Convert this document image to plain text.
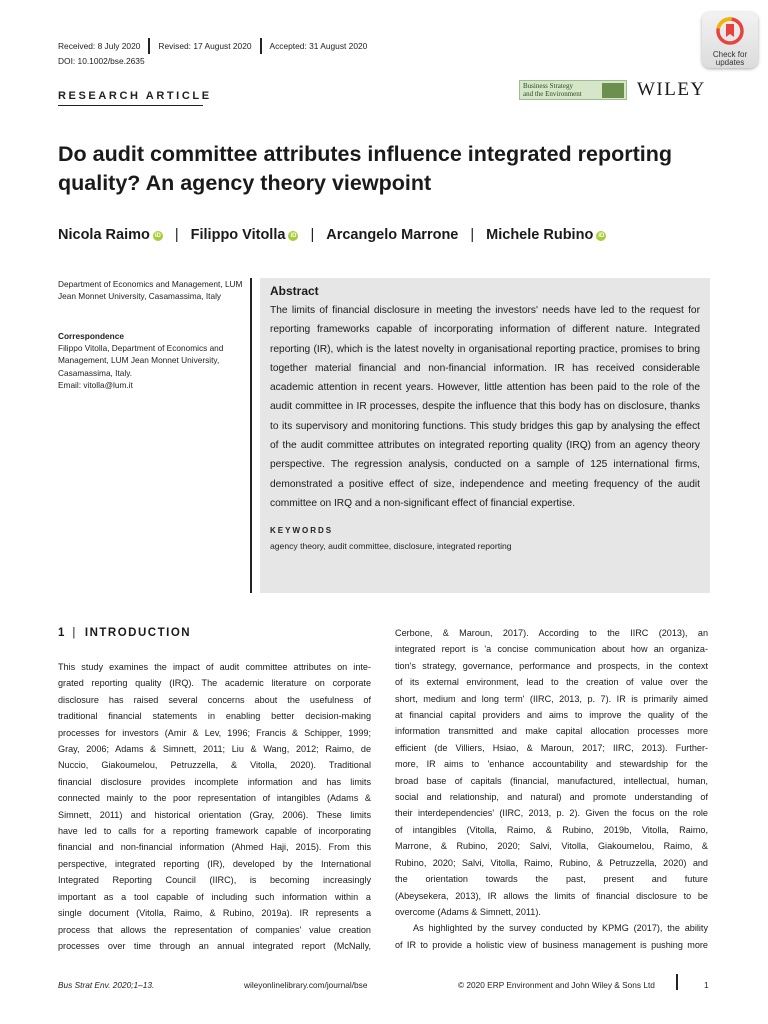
Received: 8 July 2020 Revised: 17 August 2020 Accepted: 31 August 2020
DOI: 10.1002/bse.2635
Check for
updates
RESEARCH ARTICLE
Business Strategy
and the Environment	WILEY
Do audit committee attributes influence integrated reporting quality? An agency theory viewpoint
Nicola Raimo iD | Filippo Vitolla iD | Arcangelo Marrone | Michele Rubino iD
Department of Economics and Management, LUM Jean Monnet University, Casamassima, Italy
Correspondence
Filippo Vitolla, Department of Economics and
Management, LUM Jean Monnet University,
Casamassima, Italy.
Email: vitolla@lum.it
Abstract

The limits of financial disclosure in meeting the investors' needs have led to the request for reporting frameworks capable of incorporating information of different nature. Integrated reporting (IR), which is the latest novelty in organisational reporting practice, promises to bring together material financial and non-financial information. IR has received considerable academic attention in recent years. However, little attention has been paid to the role of the audit committee in IR processes, despite the influence that this body has on disclosure, thanks to its supervisory and monitoring functions. This study bridges this gap by analysing the effect of the audit committee attributes on integrated reporting quality (IRQ) from an agency theory perspective. The regression analysis, conducted on a sample of 125 international firms, demonstrated a positive effect of size, independence and meeting frequency of the audit committee on IRQ and a non-significant effect of financial expertise.

KEYWORDS
agency theory, audit committee, disclosure, integrated reporting
1 | INTRODUCTION
This study examines the impact of audit committee attributes on inte-
grated reporting quality (IRQ). The academic literature on corporate
disclosure has raised several concerns about the usefulness of
traditional financial statements in enabling better decision-making
processes for investors (Amir & Lev, 1996; Francis & Schipper, 1999;
Gray, 2006; Adams & Simnett, 2011; Liu & Wang, 2012; Raimo, de
Nuccio, Giakoumelou, Petruzzella, & Vitolla, 2020). Traditional
financial disclosure provides incomplete information and has limits
connected mainly to the poor representation of intangibles (Adams &
Simnett, 2011) and historical orientation (Gray, 2006). These limits
have led to calls for a reporting framework capable of incorporating
financial and non-financial information (Ahmed Haji, 2015). From this
perspective, integrated reporting (IR), developed by the International
Integrated Reporting Council (IIRC), is becoming increasingly
important as a tool capable of including such information within a
single document (Vitolla, Raimo, & Rubino, 2019a). IR represents a
process that allows the representation of companies' value creation
processes over time through an annual integrated report (McNally,
Cerbone, & Maroun, 2017). According to the IIRC (2013), an
integrated report is 'a concise communication about how an organiza-
tion's strategy, governance, performance and prospects, in the context
of its external environment, lead to the creation of value over the
short, medium and long term' (IIRC, 2013, p. 7). IR is primarily aimed
at financial capital providers and aims to improve the quality of the
information transmitted and make capital allocation processes more
efficient (de Villiers, Hsiao, & Maroun, 2017; IIRC, 2013). Further-
more, IR aims to 'enhance accountability and stewardship for the
broad base of capitals (financial, manufactured, intellectual, human,
social and relationship, and natural) and promote understanding of
their interdependencies' (IIRC, 2013, p. 2). Given the focus on the role
of intangibles (Vitolla, Raimo, & Rubino, 2019b, Vitolla, Raimo,
Marrone, & Rubino, 2020; Salvi, Vitolla, Giakoumelou, Raimo, &
Rubino, 2020; Salvi, Vitolla, Raimo, Rubino, & Petruzzella, 2020) and
the orientation towards the past, present and future
(Abeysekera, 2013), IR allows the limits of financial disclosure to be
overcome (Adams & Simnett, 2011).
As highlighted by the survey conducted by KPMG (2017), the ability
of IR to provide a holistic view of business management is pushing more
Bus Strat Env. 2020;1–13.	wileyonlinelibrary.com/journal/bse	© 2020 ERP Environment and John Wiley & Sons Ltd	1
